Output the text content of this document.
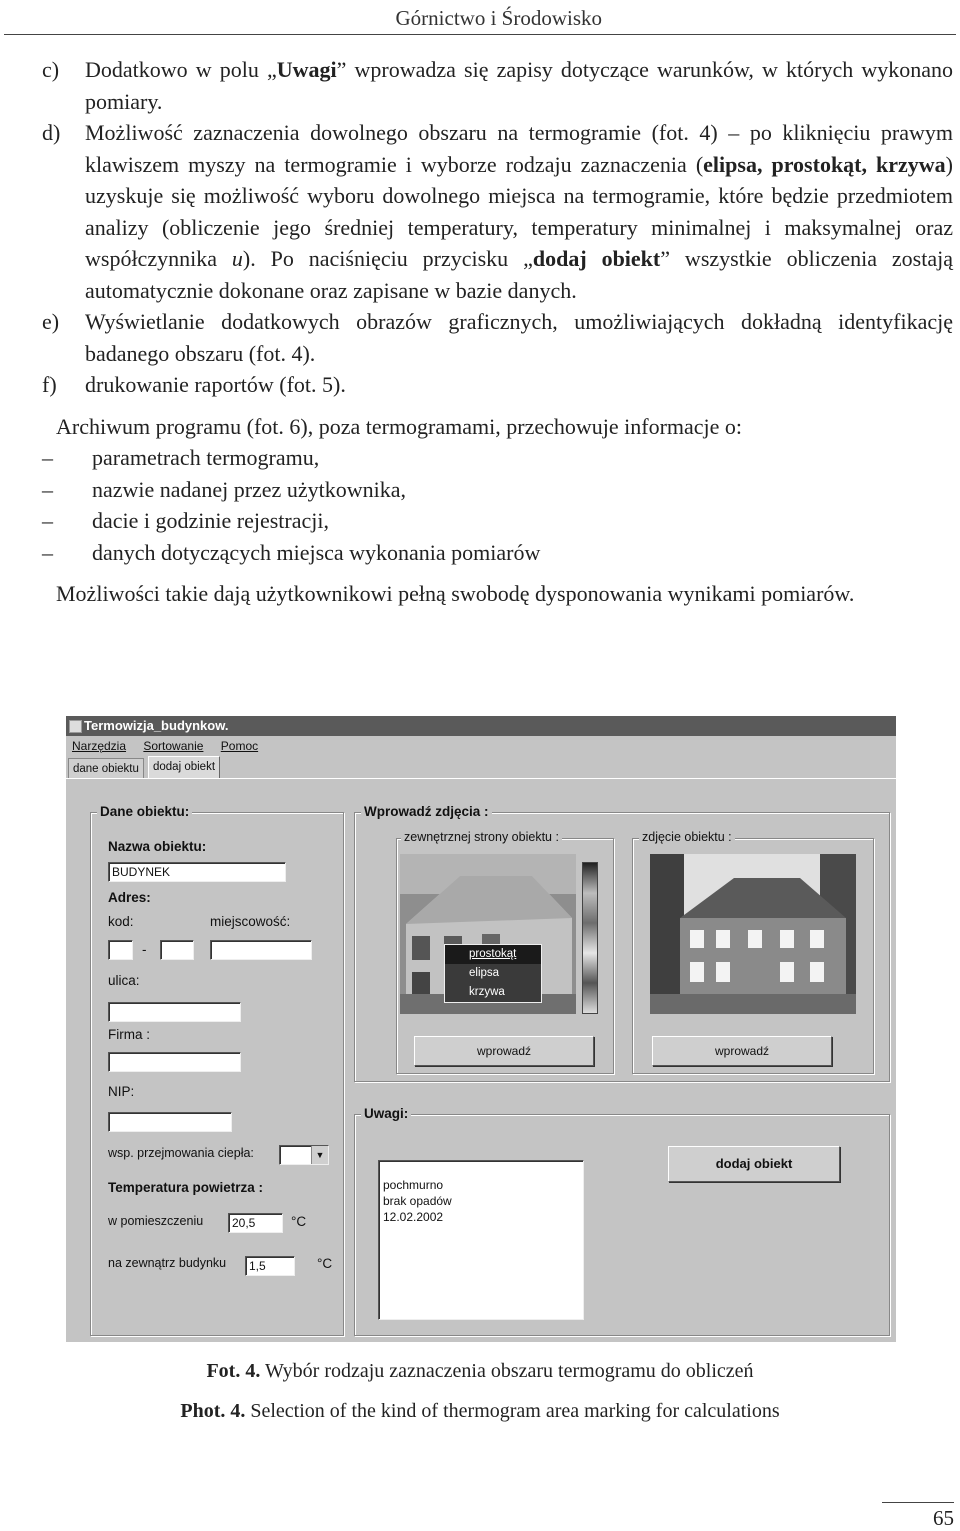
Górnictwo i Środowisko
c) Dodatkowo w polu „Uwagi” wprowadza się zapisy dotyczące warunków, w których wykonano pomiary.
d) Możliwość zaznaczenia dowolnego obszaru na termogramie (fot. 4) – po kliknięciu prawym klawiszem myszy na termogramie i wyborze rodzaju zaznaczenia (elipsa, prostokąt, krzywa) uzyskuje się możliwość wyboru dowolnego miejsca na termogramie, które będzie przedmiotem analizy (obliczenie jego średniej temperatury, temperatury minimalnej i maksymalnej oraz współczynnika u). Po naciśnięciu przycisku „dodaj obiekt” wszystkie obliczenia zostają automatycznie dokonane oraz zapisane w bazie danych.
e) Wyświetlanie dodatkowych obrazów graficznych, umożliwiających dokładną identyfikację badanego obszaru (fot. 4).
f) drukowanie raportów (fot. 5).
Archiwum programu (fot. 6), poza termogramami, przechowuje informacje o:
– parametrach termogramu,
– nazwie nadanej przez użytkownika,
– dacie i godzinie rejestracji,
– danych dotyczących miejsca wykonania pomiarów
Możliwości takie dają użytkownikowi pełną swobodę dysponowania wynikami pomiarów.
Termowizja_budynkow.
Narzędzia Sortowanie Pomoc
dane obiektu	dodaj obiekt
Dane obiektu:
Nazwa obiektu:
BUDYNEK
Adres:
kod:	miejscowość:
-
ulica:
Firma :
NIP:
wsp. przejmowania ciepła:	▼
Temperatura powietrza :
w pomieszczeniu	20,5	°C
na zewnątrz budynku	1,5	°C
Wprowadź zdjęcia :
zewnętrznej strony obiektu :	zdjęcie obiektu :
prostokąt
elipsa
krzywa
wprowadź	wprowadź
Uwagi:
pochmurno
brak opadów
12.02.2002
dodaj obiekt
Fot. 4. Wybór rodzaju zaznaczenia obszaru termogramu do obliczeń
Phot. 4. Selection of the kind of thermogram area marking for calculations
65
